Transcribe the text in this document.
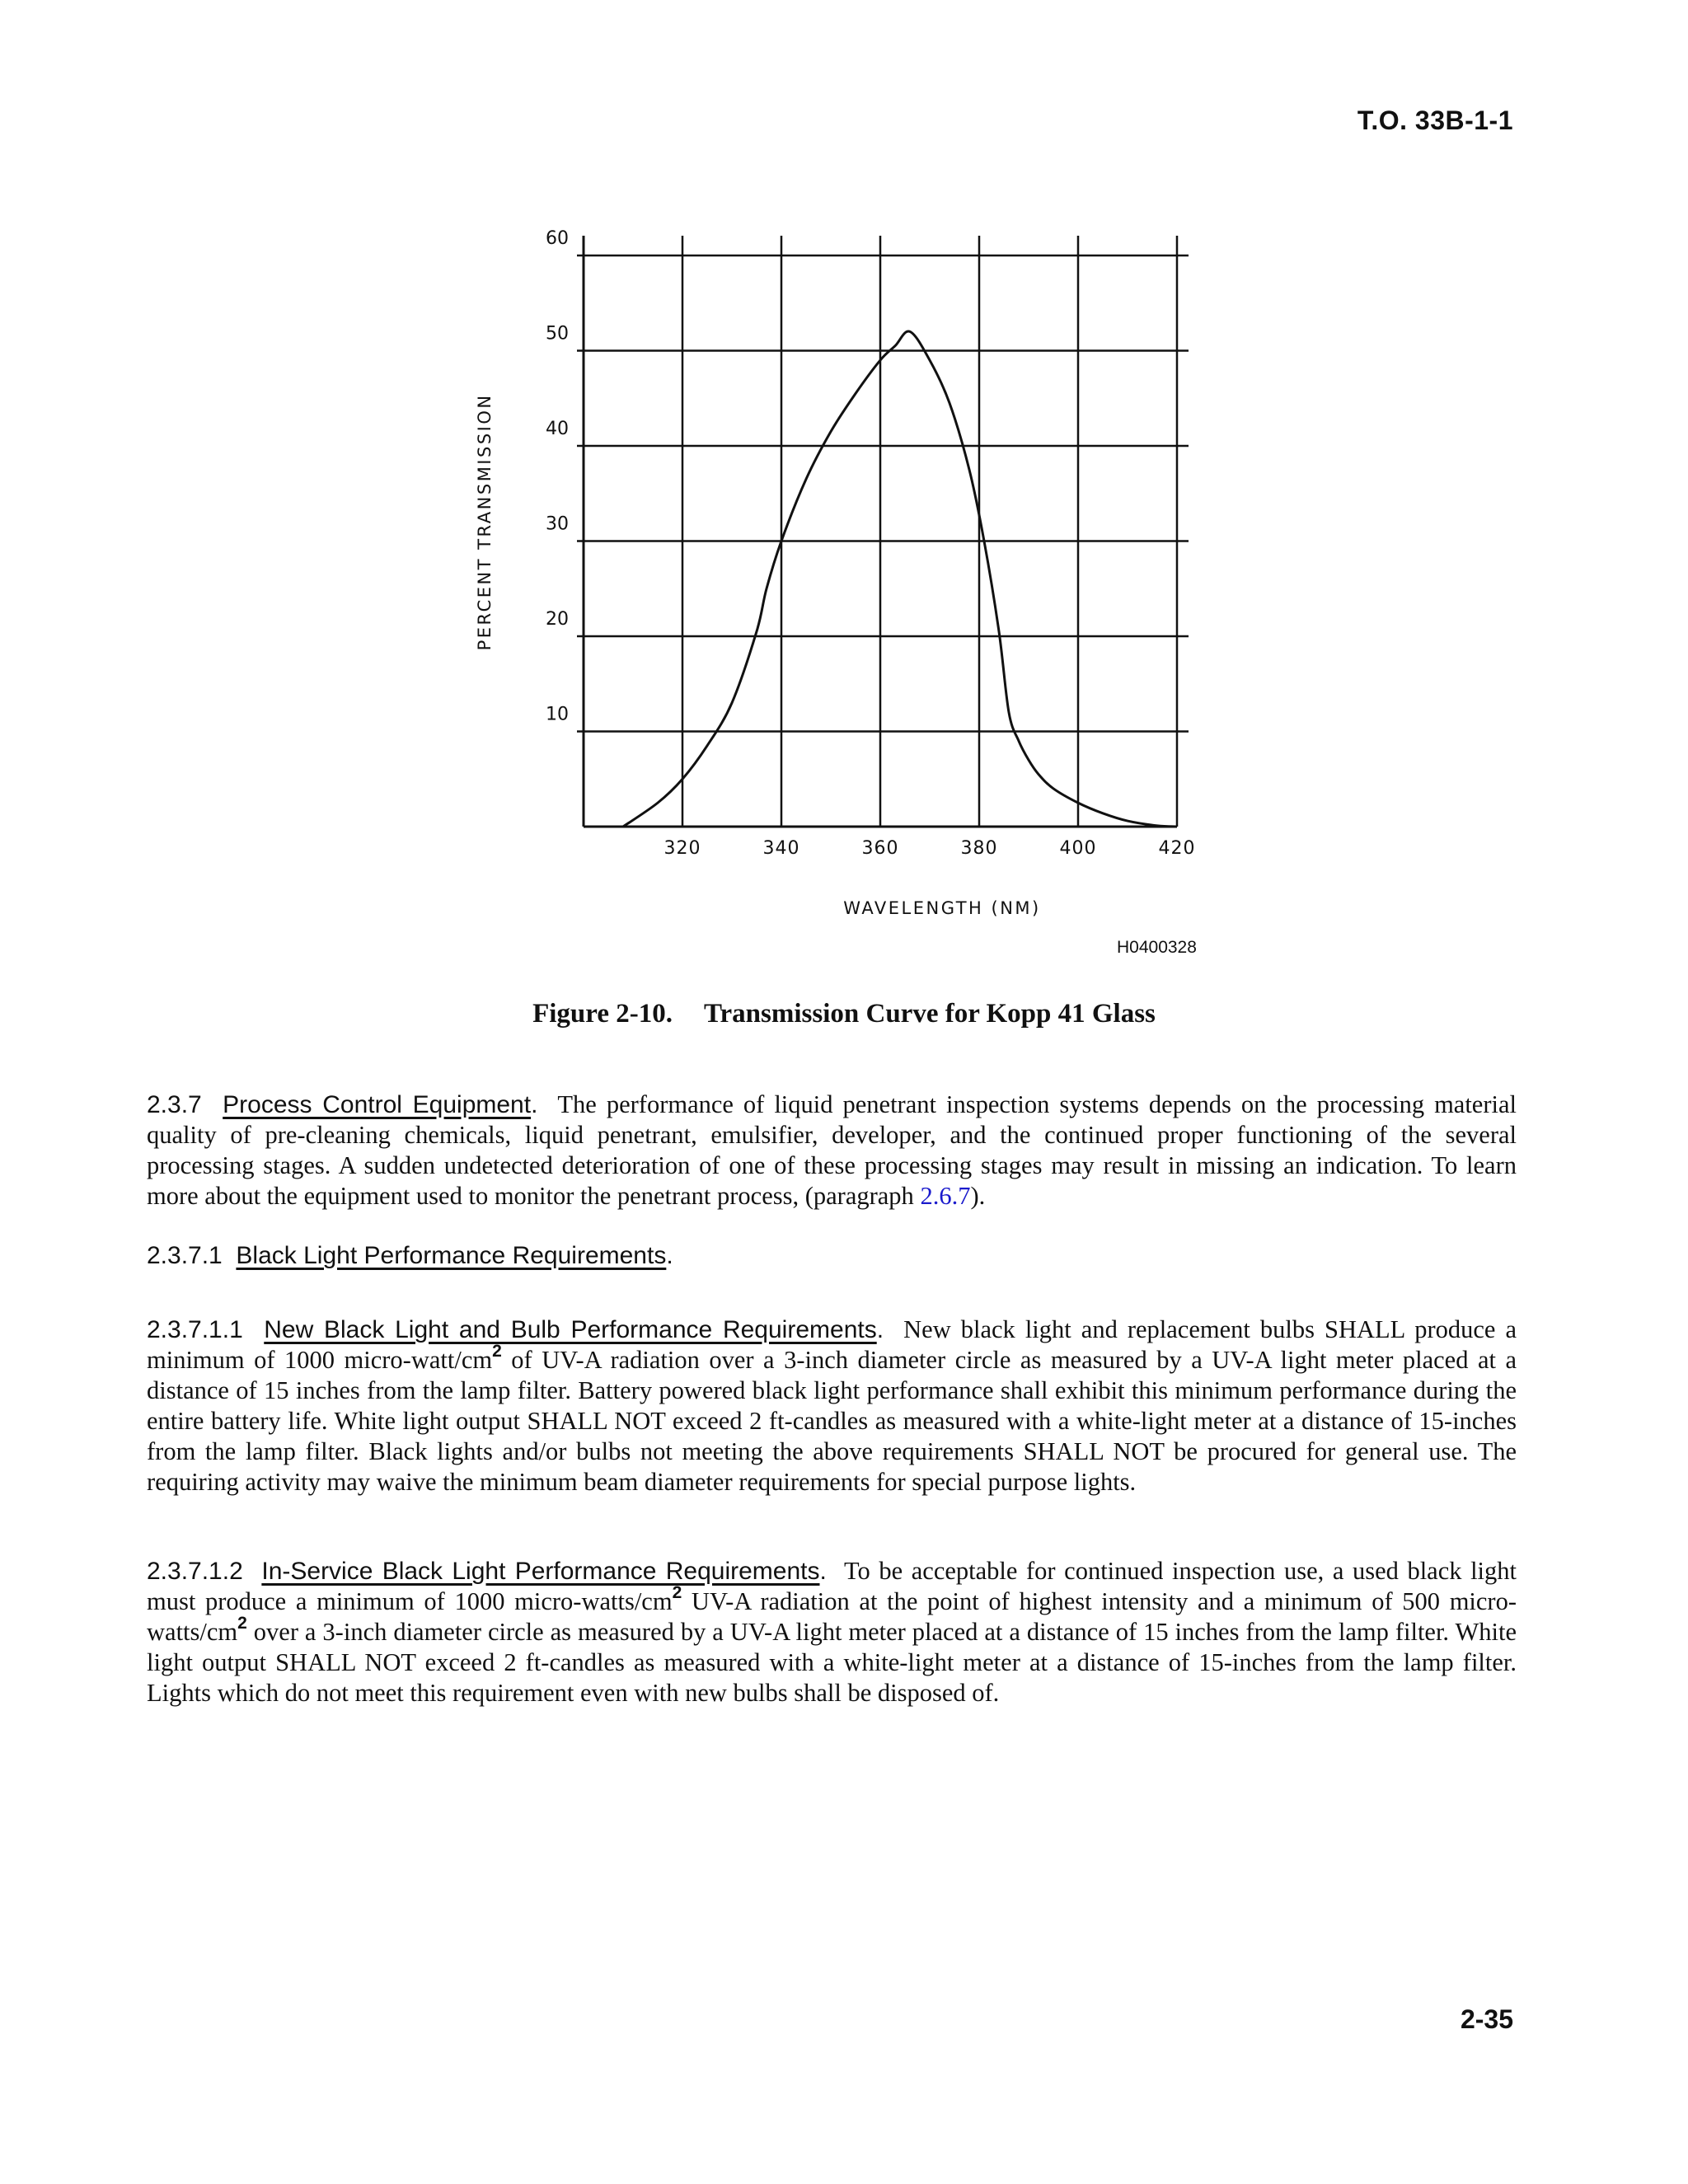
T.O. 33B-1-1
10
20
30
40
50
60
320	340	360	380	400	420
PERCENT TRANSMISSION
WAVELENGTH (NM)
H0400328
Figure 2-10. Transmission Curve for Kopp 41 Glass
2.3.7 Process Control Equipment. The performance of liquid penetrant inspection systems depends on the processing material quality of pre-cleaning chemicals, liquid penetrant, emulsifier, developer, and the continued proper functioning of the several processing stages. A sudden undetected deterioration of one of these processing stages may result in missing an indication. To learn more about the equipment used to monitor the penetrant process, (paragraph 2.6.7).
2.3.7.1 Black Light Performance Requirements.
2.3.7.1.1 New Black Light and Bulb Performance Requirements. New black light and replacement bulbs SHALL produce a minimum of 1000 micro-$watt/cm^2$ of UV-A radiation over a 3-inch diameter circle as measured by a UV-A light meter placed at a distance of 15 inches from the lamp filter. Battery powered black light performance shall exhibit this minimum performance during the entire battery life. White light output SHALL NOT exceed 2 ft-candles as measured with a white-light meter at a distance of 15-inches from the lamp filter. Black lights and/or bulbs not meeting the above requirements SHALL NOT be procured for general use. The requiring activity may waive the minimum beam diameter requirements for special purpose lights.
2.3.7.1.2 In-Service Black Light Performance Requirements. To be acceptable for continued inspection use, a used black light must produce a minimum of 1000 micro-$watts/cm^2$ UV-A radiation at the point of highest intensity and a minimum of 500 micro-$watts/cm^2$ over a 3-inch diameter circle as measured by a UV-A light meter placed at a distance of 15 inches from the lamp filter. White light output SHALL NOT exceed 2 ft-candles as measured with a white-light meter at a distance of 15-inches from the lamp filter. Lights which do not meet this requirement even with new bulbs shall be disposed of.
2-35
